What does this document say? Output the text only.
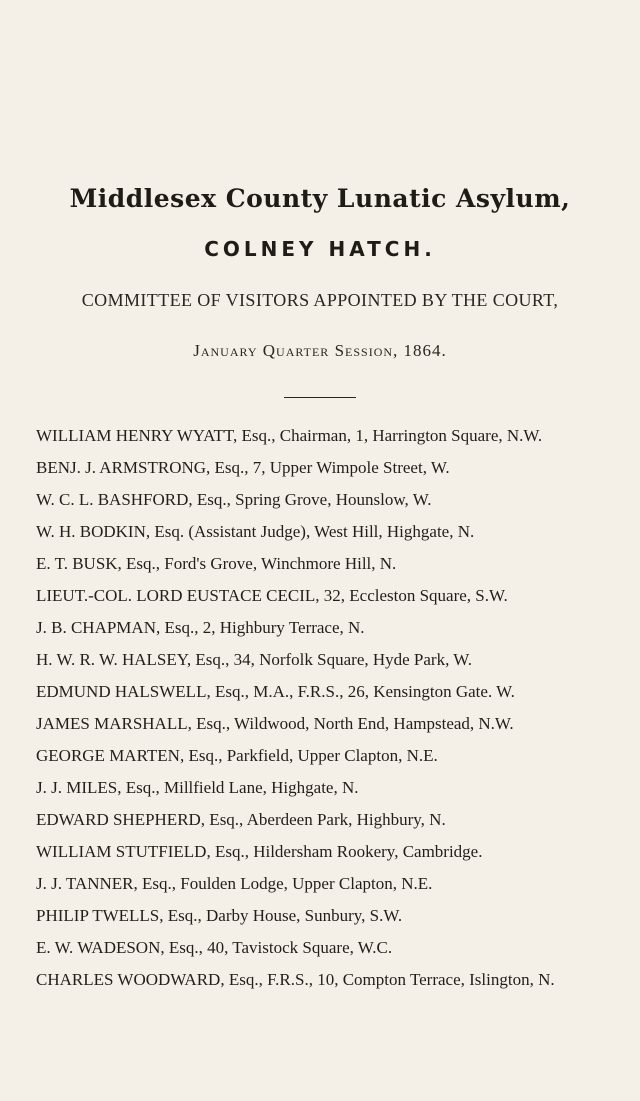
Middlesex County Lunatic Asylum,
COLNEY HATCH.
COMMITTEE OF VISITORS APPOINTED BY THE COURT,
January Quarter Session, 1864.
WILLIAM HENRY WYATT, Esq., Chairman, 1, Harrington Square, N.W.
BENJ. J. ARMSTRONG, Esq., 7, Upper Wimpole Street, W.
W. C. L. BASHFORD, Esq., Spring Grove, Hounslow, W.
W. H. BODKIN, Esq. (Assistant Judge), West Hill, Highgate, N.
E. T. BUSK, Esq., Ford's Grove, Winchmore Hill, N.
LIEUT.-COL. LORD EUSTACE CECIL, 32, Eccleston Square, S.W.
J. B. CHAPMAN, Esq., 2, Highbury Terrace, N.
H. W. R. W. HALSEY, Esq., 34, Norfolk Square, Hyde Park, W.
EDMUND HALSWELL, Esq., M.A., F.R.S., 26, Kensington Gate. W.
JAMES MARSHALL, Esq., Wildwood, North End, Hampstead, N.W.
GEORGE MARTEN, Esq., Parkfield, Upper Clapton, N.E.
J. J. MILES, Esq., Millfield Lane, Highgate, N.
EDWARD SHEPHERD, Esq., Aberdeen Park, Highbury, N.
WILLIAM STUTFIELD, Esq., Hildersham Rookery, Cambridge.
J. J. TANNER, Esq., Foulden Lodge, Upper Clapton, N.E.
PHILIP TWELLS, Esq., Darby House, Sunbury, S.W.
E. W. WADESON, Esq., 40, Tavistock Square, W.C.
CHARLES WOODWARD, Esq., F.R.S., 10, Compton Terrace, Islington, N.
